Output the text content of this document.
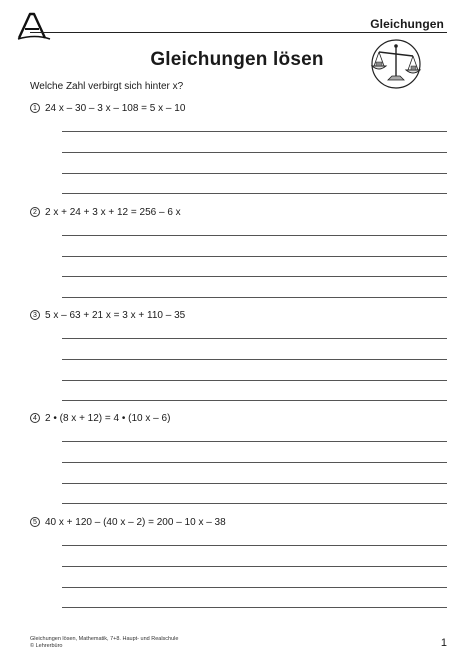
Gleichungen
Gleichungen lösen
Welche Zahl verbirgt sich hinter x?
1 24 x – 30 – 3 x – 108 = 5 x – 10
2 2 x + 24 + 3 x + 12 = 256 – 6 x
3 5 x – 63 + 21 x = 3 x + 110 – 35
4 2 • (8 x + 12) = 4 • (10 x – 6)
5 40 x + 120 – (40 x – 2) = 200 – 10 x – 38
Gleichungen lösen, Mathematik, 7+8. Haupt- und Realschule
© Lehrerbüro	1
